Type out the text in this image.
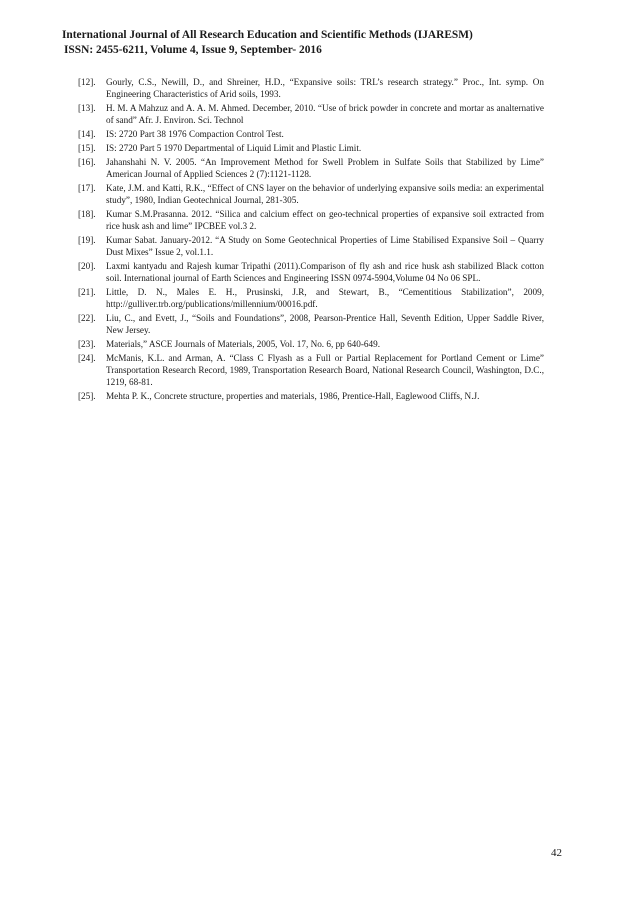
International Journal of All Research Education and Scientific Methods (IJARESM)
ISSN: 2455-6211, Volume 4, Issue 9, September- 2016
[12].	Gourly, C.S., Newill, D., and Shreiner, H.D., “Expansive soils: TRL’s research strategy.” Proc., Int. symp. On Engineering Characteristics of Arid soils, 1993.
[13].	H. M. A Mahzuz and A. A. M. Ahmed. December, 2010. “Use of brick powder in concrete and mortar as analternative of sand” Afr. J. Environ. Sci. Technol
[14].	IS: 2720 Part 38 1976 Compaction Control Test.
[15].	IS: 2720 Part 5 1970 Departmental of Liquid Limit and Plastic Limit.
[16].	Jahanshahi N. V. 2005. “An Improvement Method for Swell Problem in Sulfate Soils that Stabilized by Lime” American Journal of Applied Sciences 2 (7):1121-1128.
[17].	Kate, J.M. and Katti, R.K., “Effect of CNS layer on the behavior of underlying expansive soils media: an experimental study”, 1980, Indian Geotechnical Journal, 281-305.
[18].	Kumar S.M.Prasanna. 2012. “Silica and calcium effect on geo-technical properties of expansive soil extracted from rice husk ash and lime” IPCBEE vol.3 2.
[19].	Kumar Sabat. January-2012. “A Study on Some Geotechnical Properties of Lime Stabilised Expansive Soil – Quarry Dust Mixes” Issue 2, vol.1.1.
[20].	Laxmi kantyadu and Rajesh kumar Tripathi (2011).Comparison of fly ash and rice husk ash stabilized Black cotton soil. International journal of Earth Sciences and Engineering ISSN 0974-5904,Volume 04 No 06 SPL.
[21].	Little, D. N., Males E. H., Prusinski, J.R, and Stewart, B., “Cementitious Stabilization”, 2009, http://gulliver.trb.org/publications/millennium/00016.pdf.
[22].	Liu, C., and Evett, J., “Soils and Foundations”, 2008, Pearson-Prentice Hall, Seventh Edition, Upper Saddle River, New Jersey.
[23].	Materials,” ASCE Journals of Materials, 2005, Vol. 17, No. 6, pp 640-649.
[24].	McManis, K.L. and Arman, A. “Class C Flyash as a Full or Partial Replacement for Portland Cement or Lime” Transportation Research Record, 1989, Transportation Research Board, National Research Council, Washington, D.C., 1219, 68-81.
[25].	Mehta P. K., Concrete structure, properties and materials, 1986, Prentice-Hall, Eaglewood Cliffs, N.J.
42
